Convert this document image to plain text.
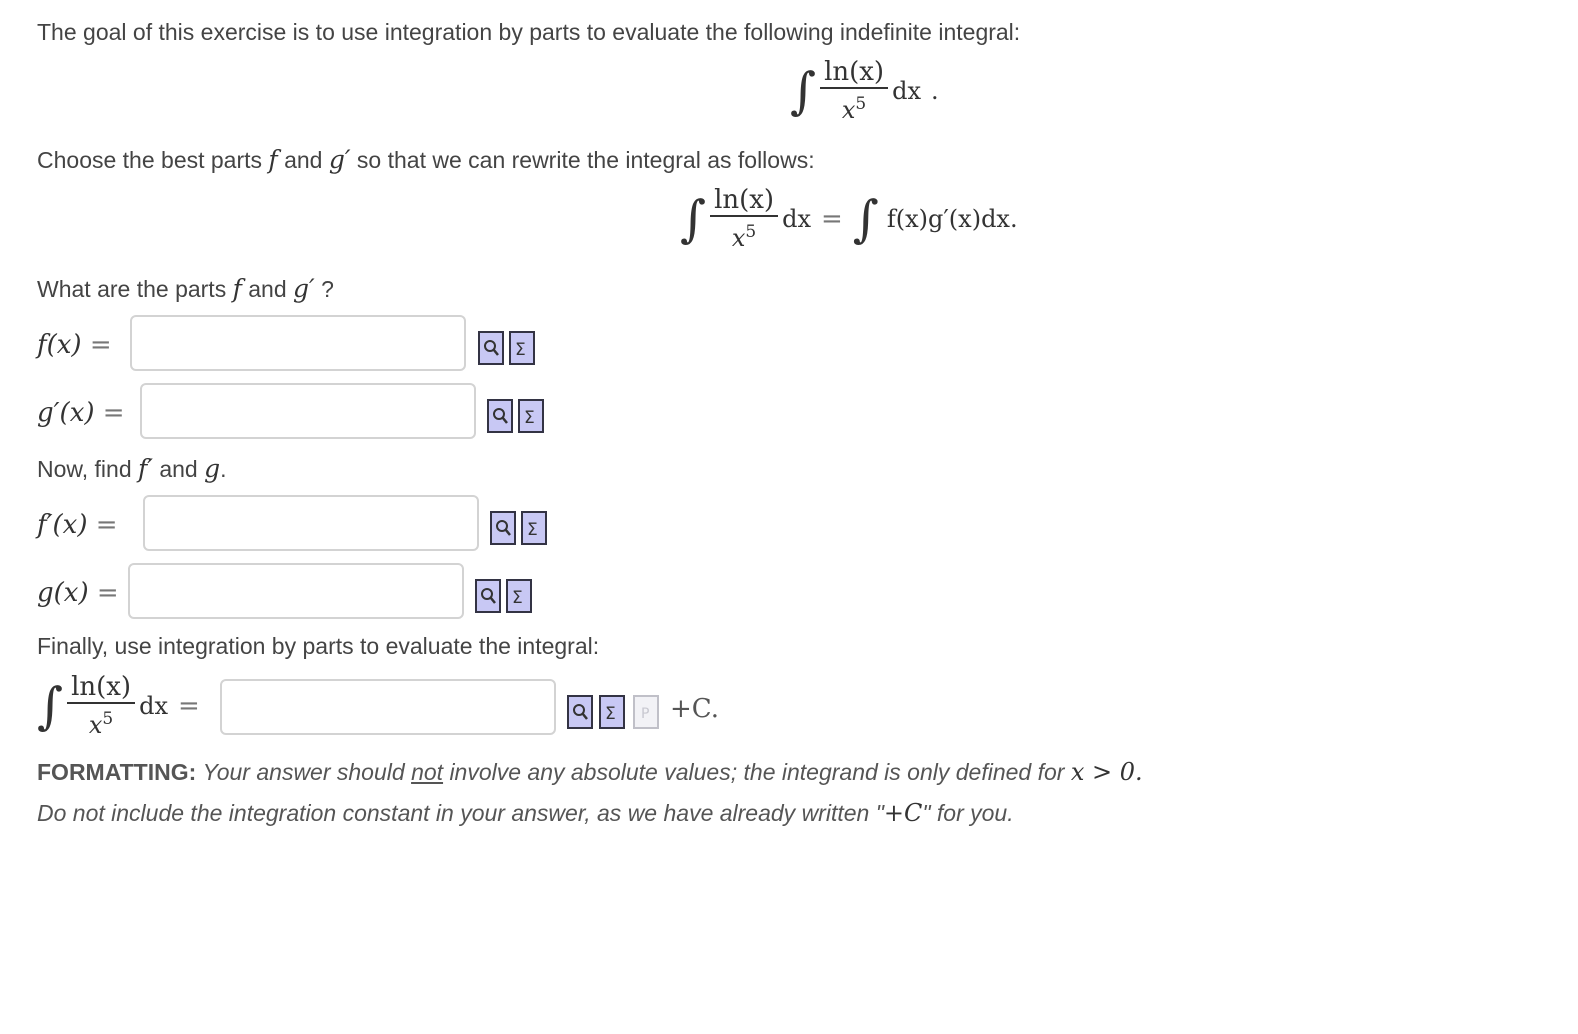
The goal of this exercise is to use integration by parts to evaluate the following indefinite integral:
∫ $\frac{\ln(x)}{x^5}$ dx .
Choose the best parts f and g′ so that we can rewrite the integral as follows:
∫ $\frac{\ln(x)}{x^5}$ dx = ∫ f(x)g′(x)dx.
What are the parts f and g′ ?
f(x) =	Σ
g′(x) =	Σ
Now, find f′ and g.
f′(x) =	Σ
g(x) =	Σ
Finally, use integration by parts to evaluate the integral:
∫ $\frac{\ln(x)}{x^5}$ dx =	Σ P +C.
FORMATTING: Your answer should not involve any absolute values; the integrand is only defined for x > 0.
Do not include the integration constant in your answer, as we have already written "+C" for you.
